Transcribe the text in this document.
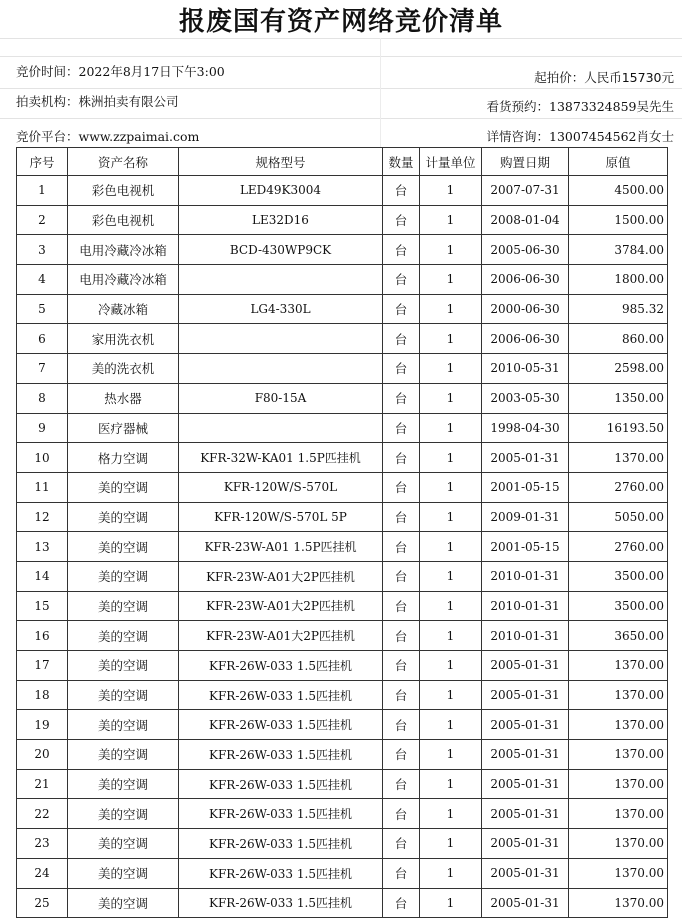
报废国有资产网络竞价清单
竞价时间：2022年8月17日下午3:00
拍卖机构：株洲拍卖有限公司
竞价平台：www.zzpaimai.com
起拍价：人民币15730元
看货预约：13873324859吴先生
详情咨询：13007454562肖女士
序号	资产名称	规格型号	数量	计量单位	购置日期	原值
1	彩色电视机	LED49K3004	台	1	2007-07-31	4500.00
2	彩色电视机	LE32D16	台	1	2008-01-04	1500.00
3	电用冷藏冷冰箱	BCD-430WP9CK	台	1	2005-06-30	3784.00
4	电用冷藏冷冰箱		台	1	2006-06-30	1800.00
5	冷藏冰箱	LG4-330L	台	1	2000-06-30	985.32
6	家用洗衣机		台	1	2006-06-30	860.00
7	美的洗衣机		台	1	2010-05-31	2598.00
8	热水器	F80-15A	台	1	2003-05-30	1350.00
9	医疗器械		台	1	1998-04-30	16193.50
10	格力空调	KFR-32W-KA01 1.5P匹挂机	台	1	2005-01-31	1370.00
11	美的空调	KFR-120W/S-570L	台	1	2001-05-15	2760.00
12	美的空调	KFR-120W/S-570L 5P	台	1	2009-01-31	5050.00
13	美的空调	KFR-23W-A01 1.5P匹挂机	台	1	2001-05-15	2760.00
14	美的空调	KFR-23W-A01大2P匹挂机	台	1	2010-01-31	3500.00
15	美的空调	KFR-23W-A01大2P匹挂机	台	1	2010-01-31	3500.00
16	美的空调	KFR-23W-A01大2P匹挂机	台	1	2010-01-31	3650.00
17	美的空调	KFR-26W-033 1.5匹挂机	台	1	2005-01-31	1370.00
18	美的空调	KFR-26W-033 1.5匹挂机	台	1	2005-01-31	1370.00
19	美的空调	KFR-26W-033 1.5匹挂机	台	1	2005-01-31	1370.00
20	美的空调	KFR-26W-033 1.5匹挂机	台	1	2005-01-31	1370.00
21	美的空调	KFR-26W-033 1.5匹挂机	台	1	2005-01-31	1370.00
22	美的空调	KFR-26W-033 1.5匹挂机	台	1	2005-01-31	1370.00
23	美的空调	KFR-26W-033 1.5匹挂机	台	1	2005-01-31	1370.00
24	美的空调	KFR-26W-033 1.5匹挂机	台	1	2005-01-31	1370.00
25	美的空调	KFR-26W-033 1.5匹挂机	台	1	2005-01-31	1370.00
